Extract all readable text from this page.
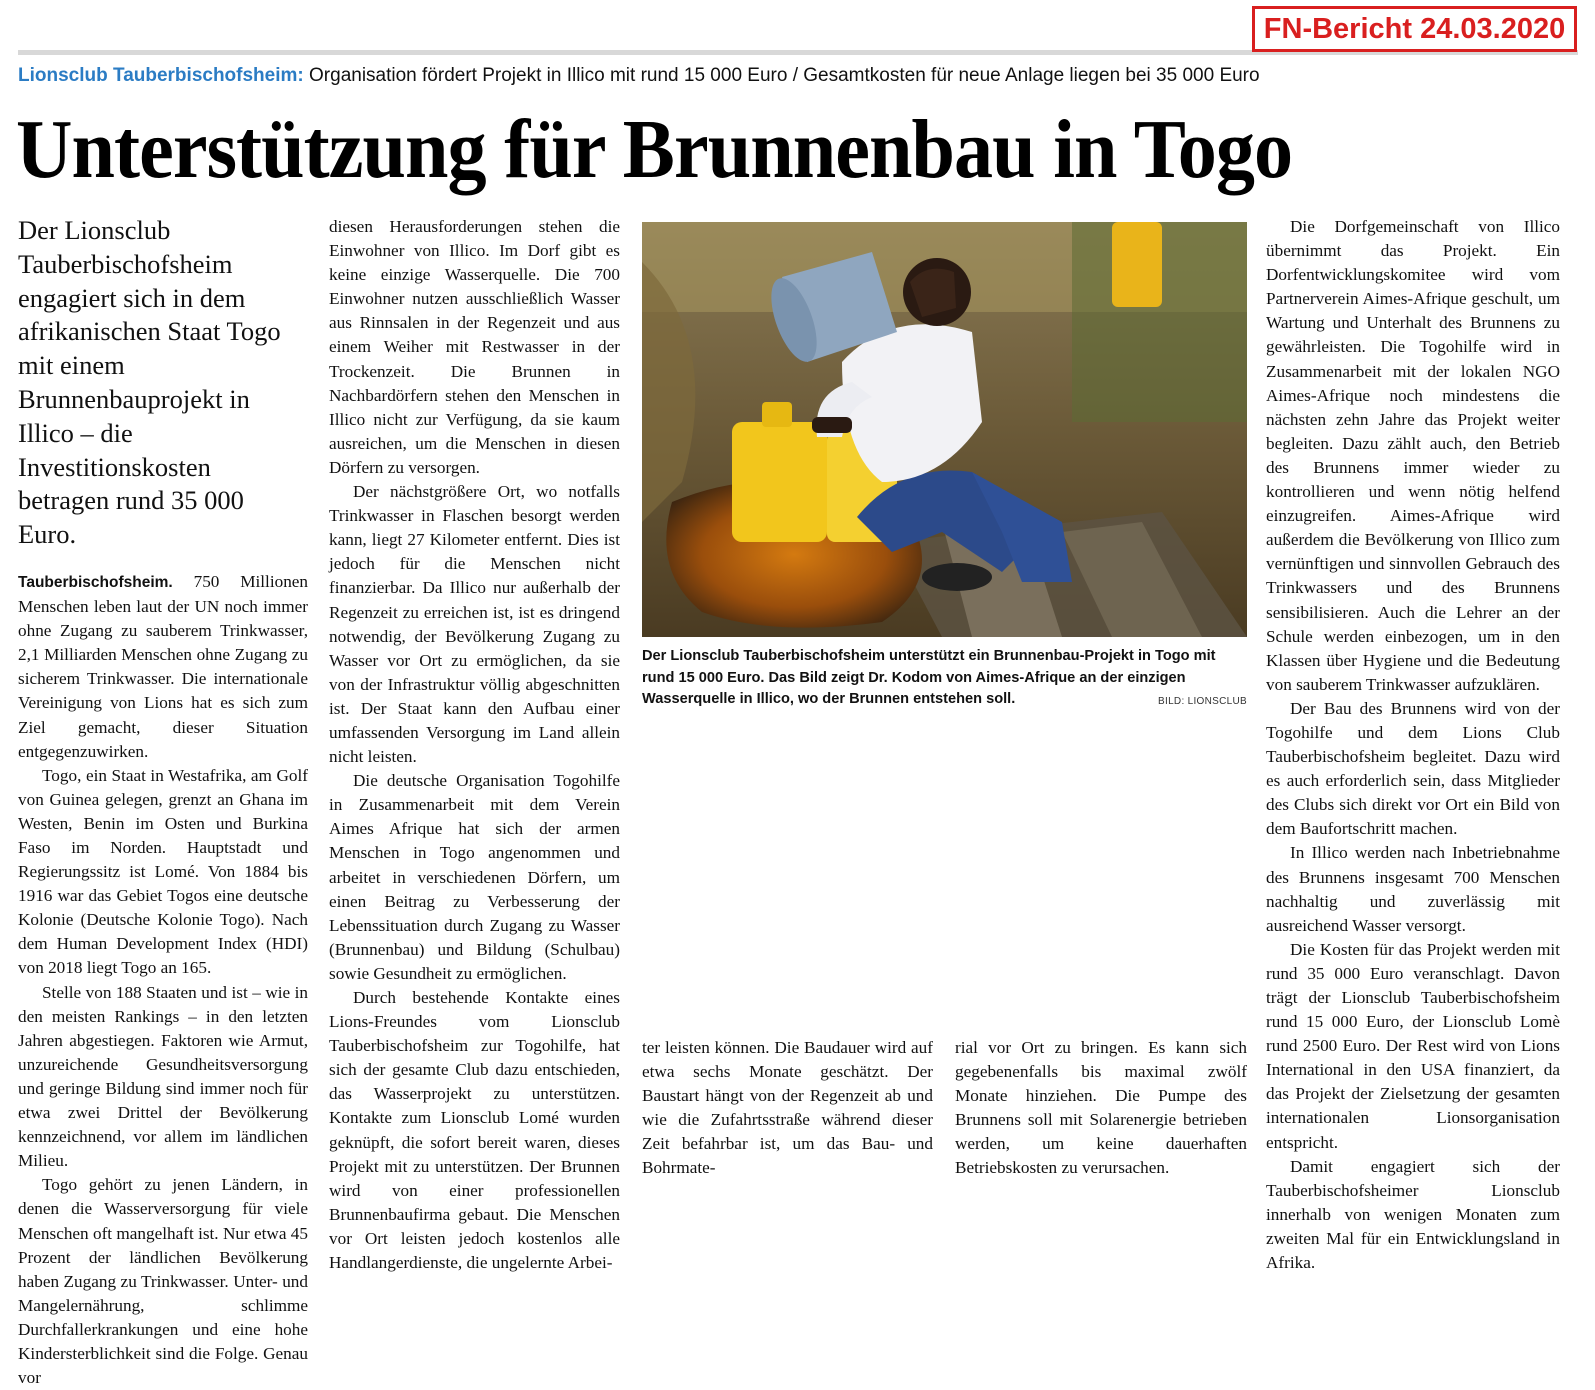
FN-Bericht 24.03.2020
Lionsclub Tauberbischofsheim: Organisation fördert Projekt in Illico mit rund 15 000 Euro / Gesamtkosten für neue Anlage liegen bei 35 000 Euro
Unterstützung für Brunnenbau in Togo
Der Lionsclub Tauberbischofsheim engagiert sich in dem afrikanischen Staat Togo mit einem Brunnenbauprojekt in Illico – die Investitionskosten betragen rund 35 000 Euro.

Tauberbischofsheim. 750 Millionen Menschen leben laut der UN noch immer ohne Zugang zu sauberem Trinkwasser, 2,1 Milliarden Menschen ohne Zugang zu sicherem Trinkwasser. Die internationale Vereinigung von Lions hat es sich zum Ziel gemacht, dieser Situation entgegenzuwirken.

Togo, ein Staat in Westafrika, am Golf von Guinea gelegen, grenzt an Ghana im Westen, Benin im Osten und Burkina Faso im Norden. Hauptstadt und Regierungssitz ist Lomé. Von 1884 bis 1916 war das Gebiet Togos eine deutsche Kolonie (Deutsche Kolonie Togo). Nach dem Human Development Index (HDI) von 2018 liegt Togo an 165.

Stelle von 188 Staaten und ist – wie in den meisten Rankings – in den letzten Jahren abgestiegen. Faktoren wie Armut, unzureichende Gesundheitsversorgung und geringe Bildung sind immer noch für etwa zwei Drittel der Bevölkerung kennzeichnend, vor allem im ländlichen Milieu.

Togo gehört zu jenen Ländern, in denen die Wasserversorgung für viele Menschen oft mangelhaft ist. Nur etwa 45 Prozent der ländlichen Bevölkerung haben Zugang zu Trinkwasser. Unter- und Mangelernährung, schlimme Durchfallerkrankungen und eine hohe Kindersterblichkeit sind die Folge. Genau vor

diesen Herausforderungen stehen die Einwohner von Illico. Im Dorf gibt es keine einzige Wasserquelle. Die 700 Einwohner nutzen ausschließlich Wasser aus Rinnsalen in der Regenzeit und aus einem Weiher mit Restwasser in der Trockenzeit. Die Brunnen in Nachbardörfern stehen den Menschen in Illico nicht zur Verfügung, da sie kaum ausreichen, um die Menschen in diesen Dörfern zu versorgen.

Der nächstgrößere Ort, wo notfalls Trinkwasser in Flaschen besorgt werden kann, liegt 27 Kilometer entfernt. Dies ist jedoch für die Menschen nicht finanzierbar. Da Illico nur außerhalb der Regenzeit zu erreichen ist, ist es dringend notwendig, der Bevölkerung Zugang zu Wasser vor Ort zu ermöglichen, da sie von der Infrastruktur völlig abgeschnitten ist. Der Staat kann den Aufbau einer umfassenden Versorgung im Land allein nicht leisten.

Die deutsche Organisation Togohilfe in Zusammenarbeit mit dem Verein Aimes Afrique hat sich der armen Menschen in Togo angenommen und arbeitet in verschiedenen Dörfern, um einen Beitrag zu Verbesserung der Lebenssituation durch Zugang zu Wasser (Brunnenbau) und Bildung (Schulbau) sowie Gesundheit zu ermöglichen.

Durch bestehende Kontakte eines Lions-Freundes vom Lionsclub Tauberbischofsheim zur Togohilfe, hat sich der gesamte Club dazu entschieden, das Wasserprojekt zu unterstützen. Kontakte zum Lionsclub Lomé wurden geknüpft, die sofort bereit waren, dieses Projekt mit zu unterstützen. Der Brunnen wird von einer professionellen Brunnenbaufirma gebaut. Die Menschen vor Ort leisten jedoch kostenlos alle Handlangerdienste, die ungelernte Arbei-

Der Lionsclub Tauberbischofsheim unterstützt ein Brunnenbau-Projekt in Togo mit rund 15 000 Euro. Das Bild zeigt Dr. Kodom von Aimes-Afrique an der einzigen Wasserquelle in Illico, wo der Brunnen entstehen soll.	BILD: LIONSCLUB

ter leisten können. Die Baudauer wird auf etwa sechs Monate geschätzt. Der Baustart hängt von der Regenzeit ab und wie die Zufahrtsstraße während dieser Zeit befahrbar ist, um das Bau- und Bohrmate-

rial vor Ort zu bringen. Es kann sich gegebenenfalls bis maximal zwölf Monate hinziehen. Die Pumpe des Brunnens soll mit Solarenergie betrieben werden, um keine dauerhaften Betriebskosten zu verursachen.

Die Dorfgemeinschaft von Illico übernimmt das Projekt. Ein Dorfentwicklungskomitee wird vom Partnerverein Aimes-Afrique geschult, um Wartung und Unterhalt des Brunnens zu gewährleisten. Die Togohilfe wird in Zusammenarbeit mit der lokalen NGO Aimes-Afrique noch mindestens die nächsten zehn Jahre das Projekt weiter begleiten. Dazu zählt auch, den Betrieb des Brunnens immer wieder zu kontrollieren und wenn nötig helfend einzugreifen. Aimes-Afrique wird außerdem die Bevölkerung von Illico zum vernünftigen und sinnvollen Gebrauch des Trinkwassers und des Brunnens sensibilisieren. Auch die Lehrer an der Schule werden einbezogen, um in den Klassen über Hygiene und die Bedeutung von sauberem Trinkwasser aufzuklären.

Der Bau des Brunnens wird von der Togohilfe und dem Lions Club Tauberbischofsheim begleitet. Dazu wird es auch erforderlich sein, dass Mitglieder des Clubs sich direkt vor Ort ein Bild von dem Baufortschritt machen.

In Illico werden nach Inbetriebnahme des Brunnens insgesamt 700 Menschen nachhaltig und zuverlässig mit ausreichend Wasser versorgt.

Die Kosten für das Projekt werden mit rund 35 000 Euro veranschlagt. Davon trägt der Lionsclub Tauberbischofsheim rund 15 000 Euro, der Lionsclub Lomè rund 2500 Euro. Der Rest wird von Lions International in den USA finanziert, da das Projekt der Zielsetzung der gesamten internationalen Lionsorganisation entspricht.

Damit engagiert sich der Tauberbischofsheimer Lionsclub innerhalb von wenigen Monaten zum zweiten Mal für ein Entwicklungsland in Afrika.
